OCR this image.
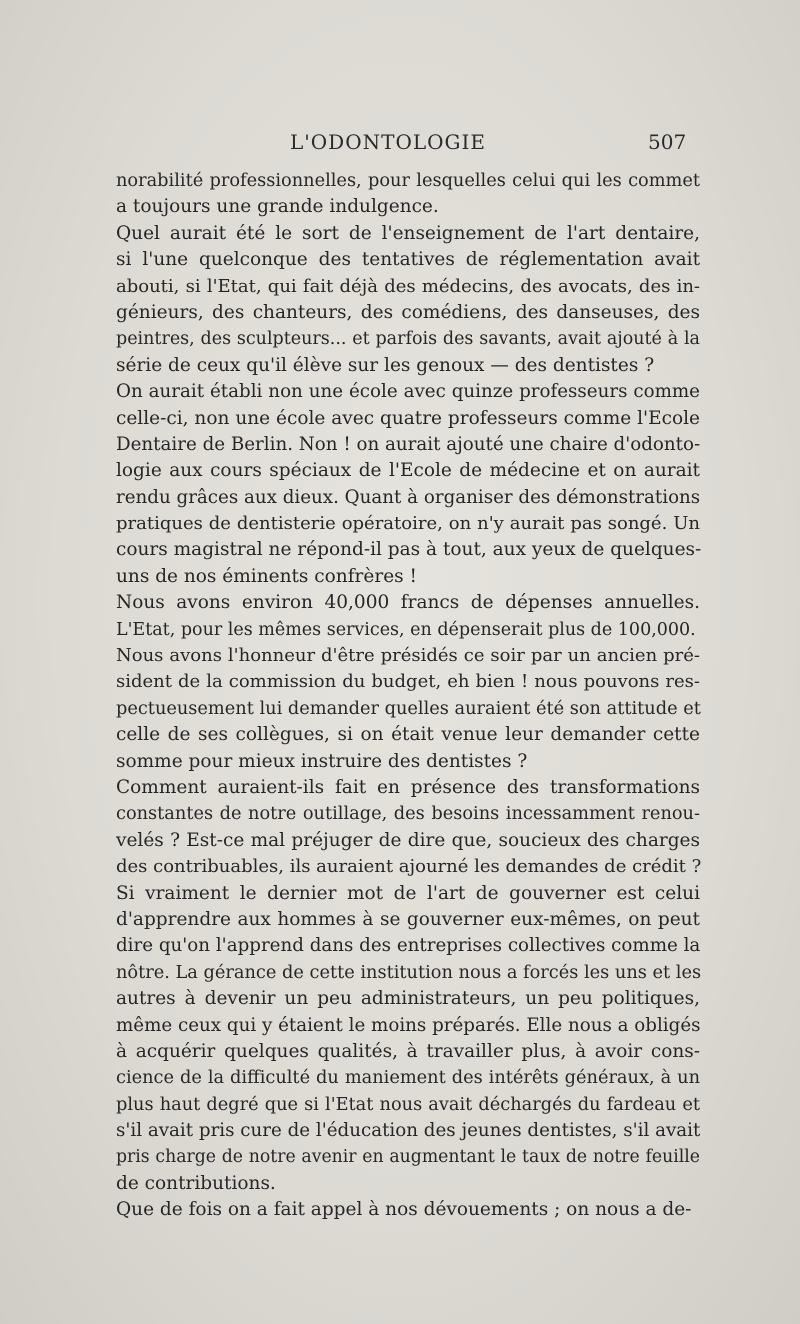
L'ODONTOLOGIE	507
norabilité professionnelles, pour lesquelles celui qui les commet
a toujours une grande indulgence.
Quel aurait été le sort de l'enseignement de l'art dentaire,
si l'une quelconque des tentatives de réglementation avait
abouti, si l'Etat, qui fait déjà des médecins, des avocats, des in-
génieurs, des chanteurs, des comédiens, des danseuses, des
peintres, des sculpteurs... et parfois des savants, avait ajouté à la
série de ceux qu'il élève sur les genoux — des dentistes ?
On aurait établi non une école avec quinze professeurs comme
celle-ci, non une école avec quatre professeurs comme l'Ecole
Dentaire de Berlin. Non ! on aurait ajouté une chaire d'odonto-
logie aux cours spéciaux de l'Ecole de médecine et on aurait
rendu grâces aux dieux. Quant à organiser des démonstrations
pratiques de dentisterie opératoire, on n'y aurait pas songé. Un
cours magistral ne répond-il pas à tout, aux yeux de quelques-
uns de nos éminents confrères !
Nous avons environ 40,000 francs de dépenses annuelles.
L'Etat, pour les mêmes services, en dépenserait plus de 100,000.
Nous avons l'honneur d'être présidés ce soir par un ancien pré-
sident de la commission du budget, eh bien ! nous pouvons res-
pectueusement lui demander quelles auraient été son attitude et
celle de ses collègues, si on était venue leur demander cette
somme pour mieux instruire des dentistes ?
Comment auraient-ils fait en présence des transformations
constantes de notre outillage, des besoins incessamment renou-
velés ? Est-ce mal préjuger de dire que, soucieux des charges
des contribuables, ils auraient ajourné les demandes de crédit ?
Si vraiment le dernier mot de l'art de gouverner est celui
d'apprendre aux hommes à se gouverner eux-mêmes, on peut
dire qu'on l'apprend dans des entreprises collectives comme la
nôtre. La gérance de cette institution nous a forcés les uns et les
autres à devenir un peu administrateurs, un peu politiques,
même ceux qui y étaient le moins préparés. Elle nous a obligés
à acquérir quelques qualités, à travailler plus, à avoir cons-
cience de la difficulté du maniement des intérêts généraux, à un
plus haut degré que si l'Etat nous avait déchargés du fardeau et
s'il avait pris cure de l'éducation des jeunes dentistes, s'il avait
pris charge de notre avenir en augmentant le taux de notre feuille
de contributions.
Que de fois on a fait appel à nos dévouements ; on nous a de-
